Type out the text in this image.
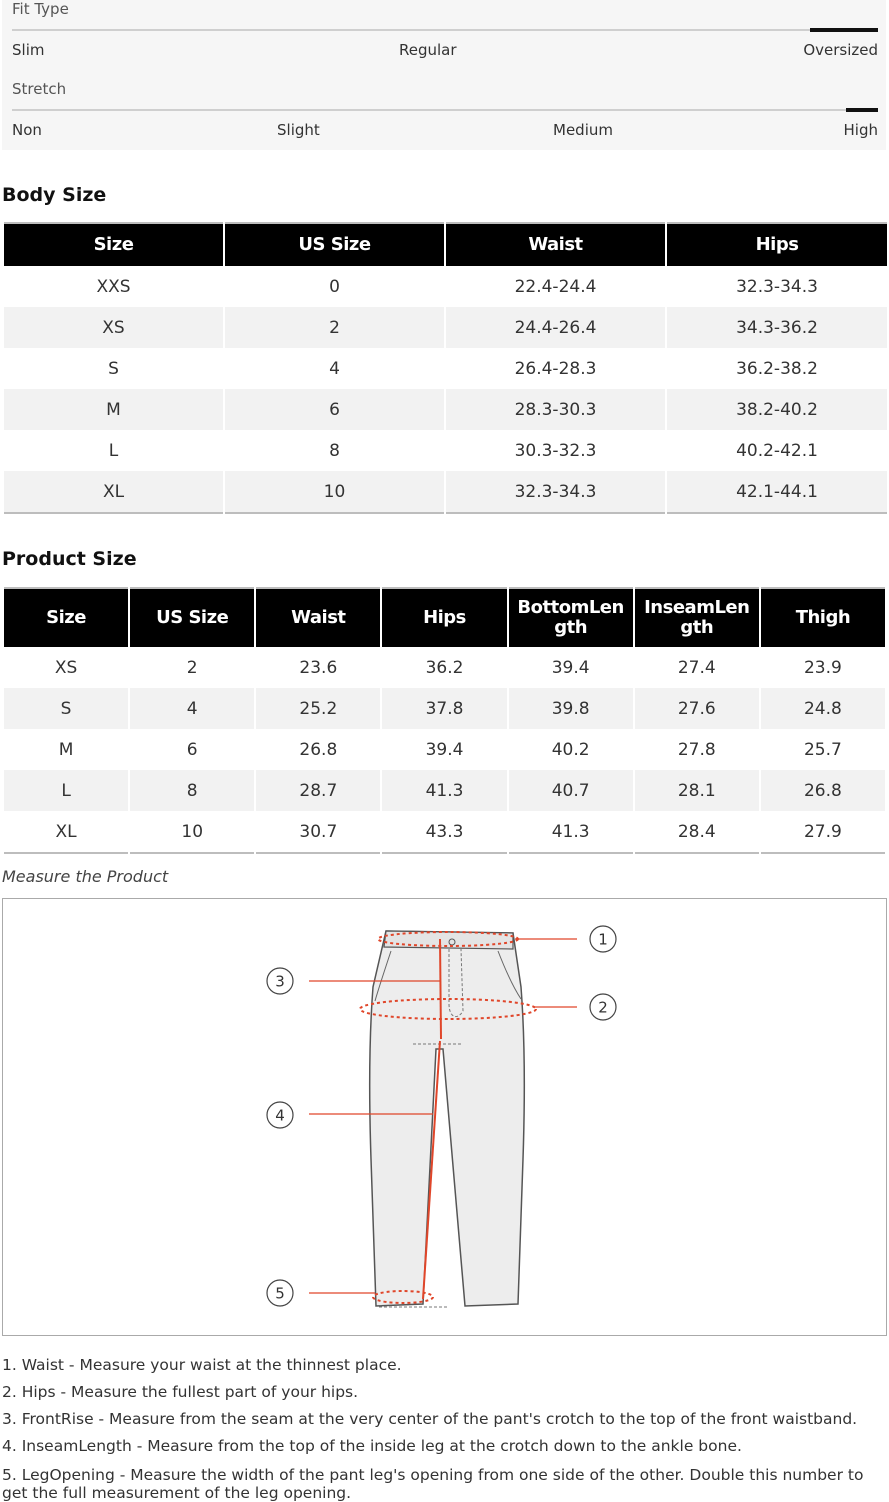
Fit Type
Slim	Regular	Oversized
Stretch
Non	Slight	Medium	High
Body Size
Size	US Size	Waist	Hips
XXS	0	22.4-24.4	32.3-34.3
XS	2	24.4-26.4	34.3-36.2
S	4	26.4-28.3	36.2-38.2
M	6	28.3-30.3	38.2-40.2
L	8	30.3-32.3	40.2-42.1
XL	10	32.3-34.3	42.1-44.1
Product Size
Size	US Size	Waist	Hips	BottomLength	InseamLength	Thigh
XS	2	23.6	36.2	39.4	27.4	23.9
S	4	25.2	37.8	39.8	27.6	24.8
M	6	26.8	39.4	40.2	27.8	25.7
L	8	28.7	41.3	40.7	28.1	26.8
XL	10	30.7	43.3	41.3	28.4	27.9
Measure the Product
1
2
3
4
5

1. Waist - Measure your waist at the thinnest place.

2. Hips - Measure the fullest part of your hips.

3. FrontRise - Measure from the seam at the very center of the pant's crotch to the top of the front waistband.

4. InseamLength - Measure from the top of the inside leg at the crotch down to the ankle bone.

5. LegOpening - Measure the width of the pant leg's opening from one side of the other. Double this number to get the full measurement of the leg opening.
